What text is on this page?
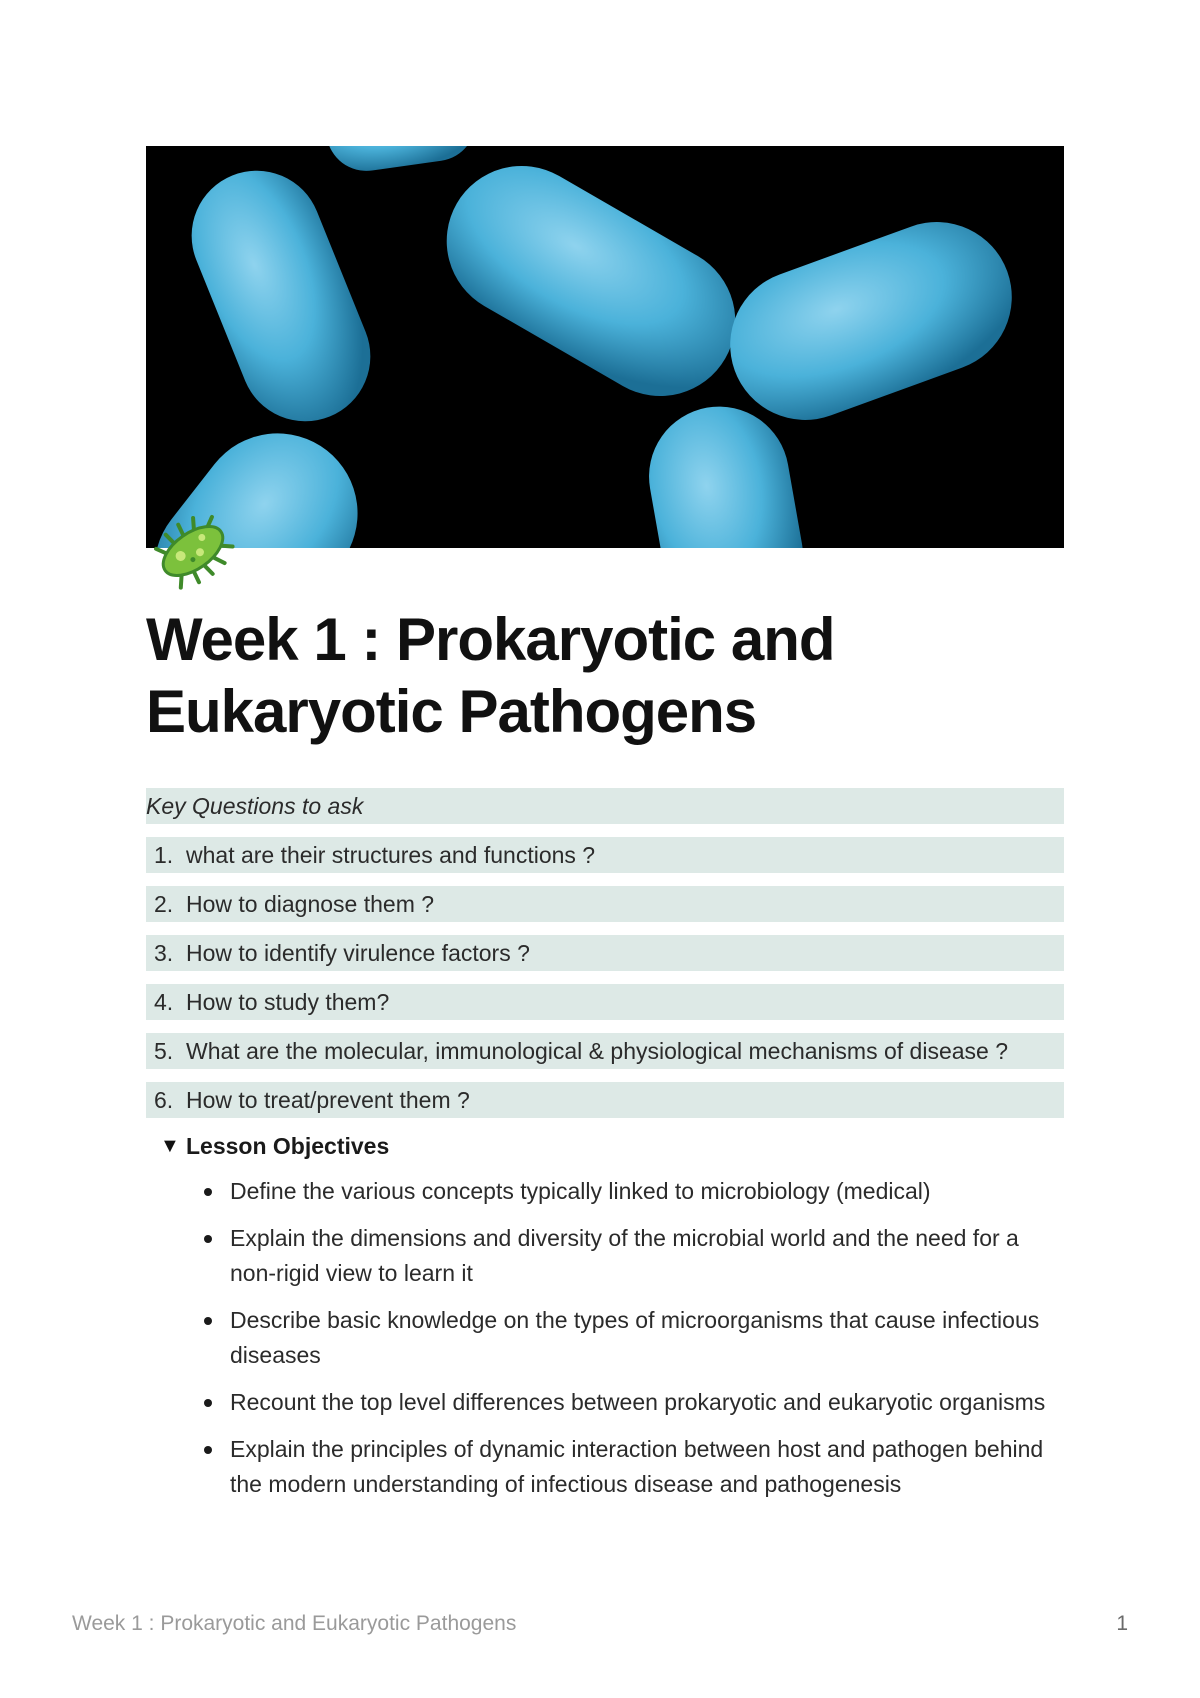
Week 1 : Prokaryotic and Eukaryotic Pathogens
Key Questions to ask
1. what are their structures and functions ?
2. How to diagnose them ?
3. How to identify virulence factors ?
4. How to study them?
5. What are the molecular, immunological & physiological mechanisms of disease ?
6. How to treat/prevent them ?
▼ Lesson Objectives
Define the various concepts typically linked to microbiology (medical)
Explain the dimensions and diversity of the microbial world and the need for a non-rigid view to learn it
Describe basic knowledge on the types of microorganisms that cause infectious diseases
Recount the top level differences between prokaryotic and eukaryotic organisms
Explain the principles of dynamic interaction between host and pathogen behind the modern understanding of infectious disease and pathogenesis
Week 1 : Prokaryotic and Eukaryotic Pathogens	1
